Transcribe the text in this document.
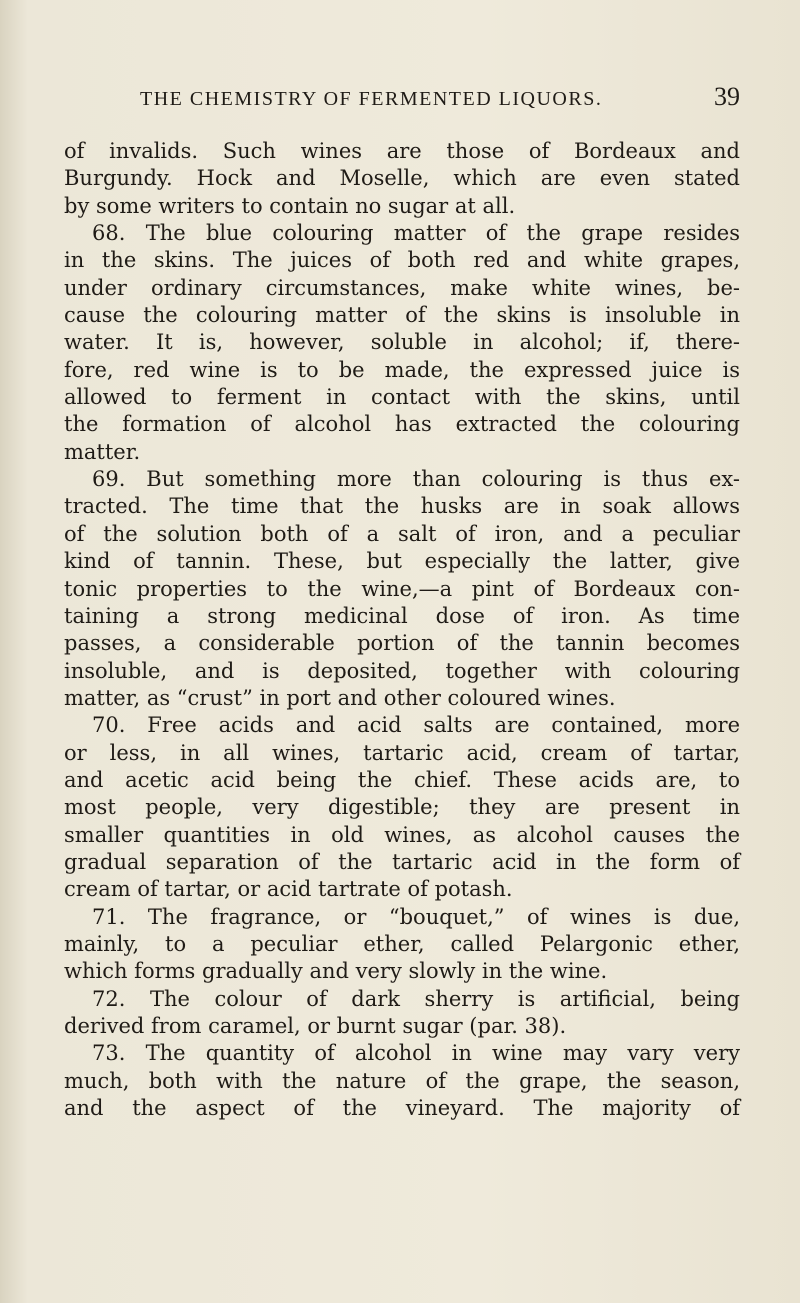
THE CHEMISTRY OF FERMENTED LIQUORS.	39
of invalids. Such wines are those of Bordeaux and
Burgundy. Hock and Moselle, which are even stated
by some writers to contain no sugar at all.
68. The blue colouring matter of the grape resides
in the skins. The juices of both red and white grapes,
under ordinary circumstances, make white wines, be-
cause the colouring matter of the skins is insoluble in
water. It is, however, soluble in alcohol; if, there-
fore, red wine is to be made, the expressed juice is
allowed to ferment in contact with the skins, until
the formation of alcohol has extracted the colouring
matter.
69. But something more than colouring is thus ex-
tracted. The time that the husks are in soak allows
of the solution both of a salt of iron, and a peculiar
kind of tannin. These, but especially the latter, give
tonic properties to the wine,—a pint of Bordeaux con-
taining a strong medicinal dose of iron. As time
passes, a considerable portion of the tannin becomes
insoluble, and is deposited, together with colouring
matter, as “crust” in port and other coloured wines.
70. Free acids and acid salts are contained, more
or less, in all wines, tartaric acid, cream of tartar,
and acetic acid being the chief. These acids are, to
most people, very digestible; they are present in
smaller quantities in old wines, as alcohol causes the
gradual separation of the tartaric acid in the form of
cream of tartar, or acid tartrate of potash.
71. The fragrance, or “bouquet,” of wines is due,
mainly, to a peculiar ether, called Pelargonic ether,
which forms gradually and very slowly in the wine.
72. The colour of dark sherry is artificial, being
derived from caramel, or burnt sugar (par. 38).
73. The quantity of alcohol in wine may vary very
much, both with the nature of the grape, the season,
and the aspect of the vineyard. The majority of
